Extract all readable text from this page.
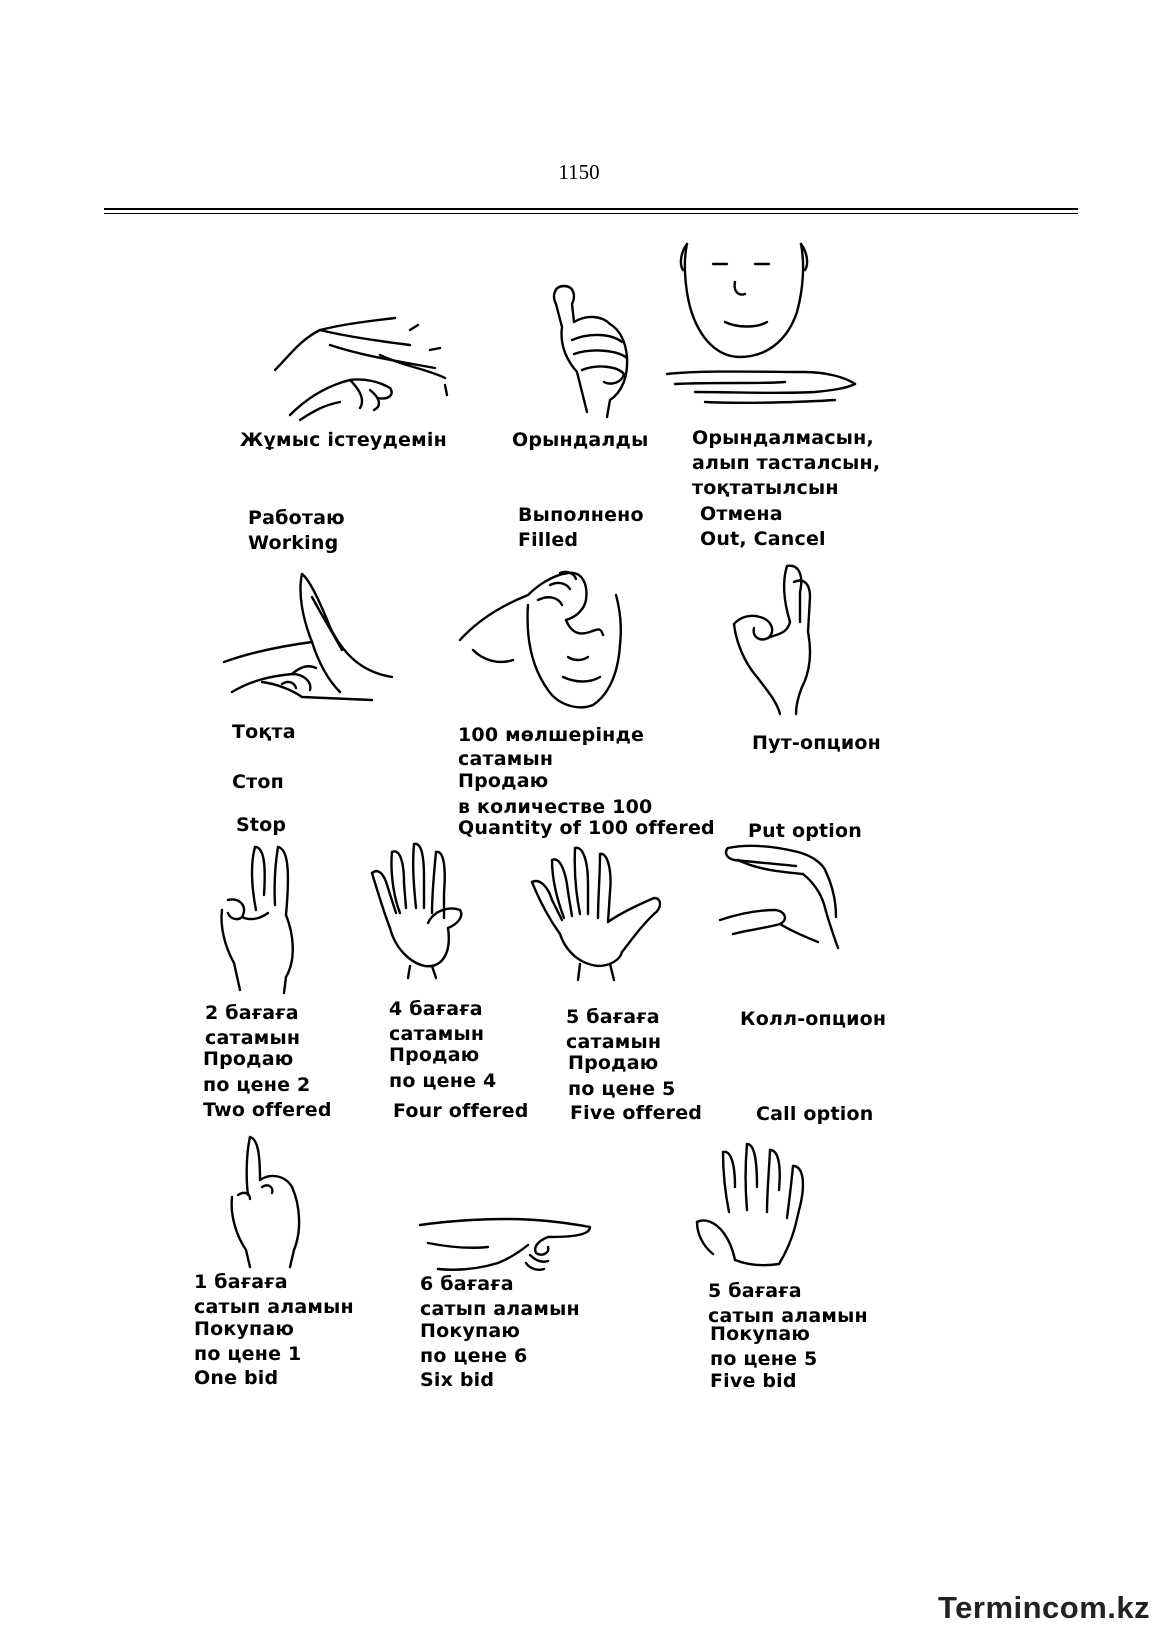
1150
Жұмыс істеудемін
Работаю
Working
Орындалды
Выполнено
Filled
Орындалмасын,
алып тасталсын,
тоқтатылсын
Отмена
Out, Cancel
Тоқта
Стоп
Stop
100 мөлшерінде
сатамын
Продаю
в количестве 100
Quantity of 100 offered
Пут-опцион
Put option
2 бағаға
сатамын
Продаю
по цене 2
Two offered
4 бағаға
сатамын
Продаю
по цене 4
Four offered
5 бағаға
сатамын
Продаю
по цене 5
Five offered
Колл-опцион
Call option
1 бағаға
сатып аламын
Покупаю
по цене 1
One bid
6 бағаға
сатып аламын
Покупаю
по цене 6
Six bid
5 бағаға
сатып аламын
Покупаю
по цене 5
Five bid
Termincom.kz
